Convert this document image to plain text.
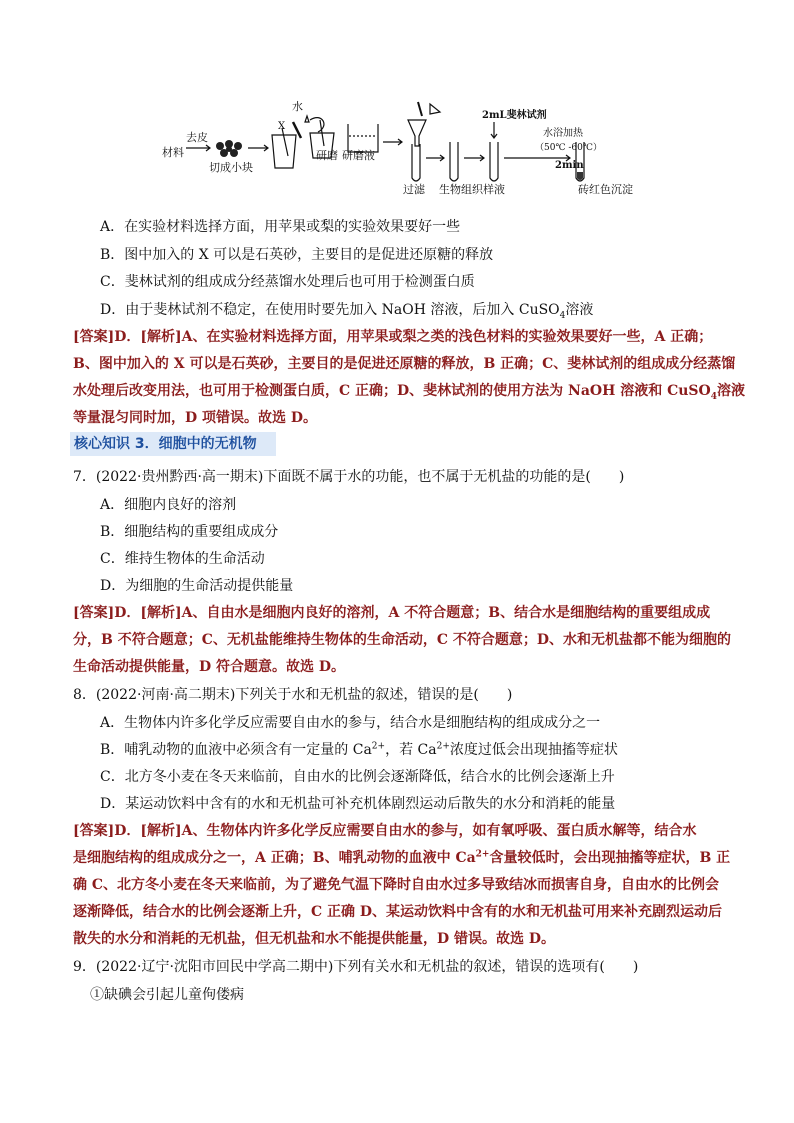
材料
去皮
切成小块
水
X
研磨 研磨液
过滤 生物组织样液
2mL斐林试剂
水浴加热
（50℃ -60℃）
2min
砖红色沉淀
A．在实验材料选择方面，用苹果或梨的实验效果要好一些
B．图中加入的 X 可以是石英砂，主要目的是促进还原糖的释放
C．斐林试剂的组成成分经蒸馏水处理后也可用于检测蛋白质
D．由于斐林试剂不稳定，在使用时要先加入 NaOH 溶液，后加入 CuSO$_4$溶液
[答案]D．[解析]A、在实验材料选择方面，用苹果或梨之类的浅色材料的实验效果要好一些，A 正确；
B、图中加入的 X 可以是石英砂，主要目的是促进还原糖的释放，B 正确；C、斐林试剂的组成成分经蒸馏
水处理后改变用法，也可用于检测蛋白质，C 正确；D、斐林试剂的使用方法为 NaOH 溶液和 CuSO$_4$溶液
等量混匀同时加，D 项错误。故选 D。
核心知识 3．细胞中的无机物
7．(2022·贵州黔西·高一期末)下面既不属于水的功能，也不属于无机盐的功能的是(　　)
A．细胞内良好的溶剂
B．细胞结构的重要组成成分
C．维持生物体的生命活动
D．为细胞的生命活动提供能量
[答案]D．[解析]A、自由水是细胞内良好的溶剂，A 不符合题意；B、结合水是细胞结构的重要组成成
分，B 不符合题意；C、无机盐能维持生物体的生命活动，C 不符合题意；D、水和无机盐都不能为细胞的
生命活动提供能量，D 符合题意。故选 D。
8．(2022·河南·高二期末)下列关于水和无机盐的叙述，错误的是(　　)
A．生物体内许多化学反应需要自由水的参与，结合水是细胞结构的组成成分之一
B．哺乳动物的血液中必须含有一定量的 $Ca^{2+}$，若 $Ca^{2+}$浓度过低会出现抽搐等症状
C．北方冬小麦在冬天来临前，自由水的比例会逐渐降低，结合水的比例会逐渐上升
D．某运动饮料中含有的水和无机盐可补充机体剧烈运动后散失的水分和消耗的能量
[答案]D．[解析]A、生物体内许多化学反应需要自由水的参与，如有氧呼吸、蛋白质水解等，结合水
是细胞结构的组成成分之一，A 正确；B、哺乳动物的血液中 $Ca^{2+}$含量较低时，会出现抽搐等症状，B 正
确 C、北方冬小麦在冬天来临前，为了避免气温下降时自由水过多导致结冰而损害自身，自由水的比例会
逐渐降低，结合水的比例会逐渐上升，C 正确 D、某运动饮料中含有的水和无机盐可用来补充剧烈运动后
散失的水分和消耗的无机盐，但无机盐和水不能提供能量，D 错误。故选 D。
9．(2022·辽宁·沈阳市回民中学高二期中)下列有关水和无机盐的叙述，错误的选项有(　　)
①缺碘会引起儿童佝偻病
